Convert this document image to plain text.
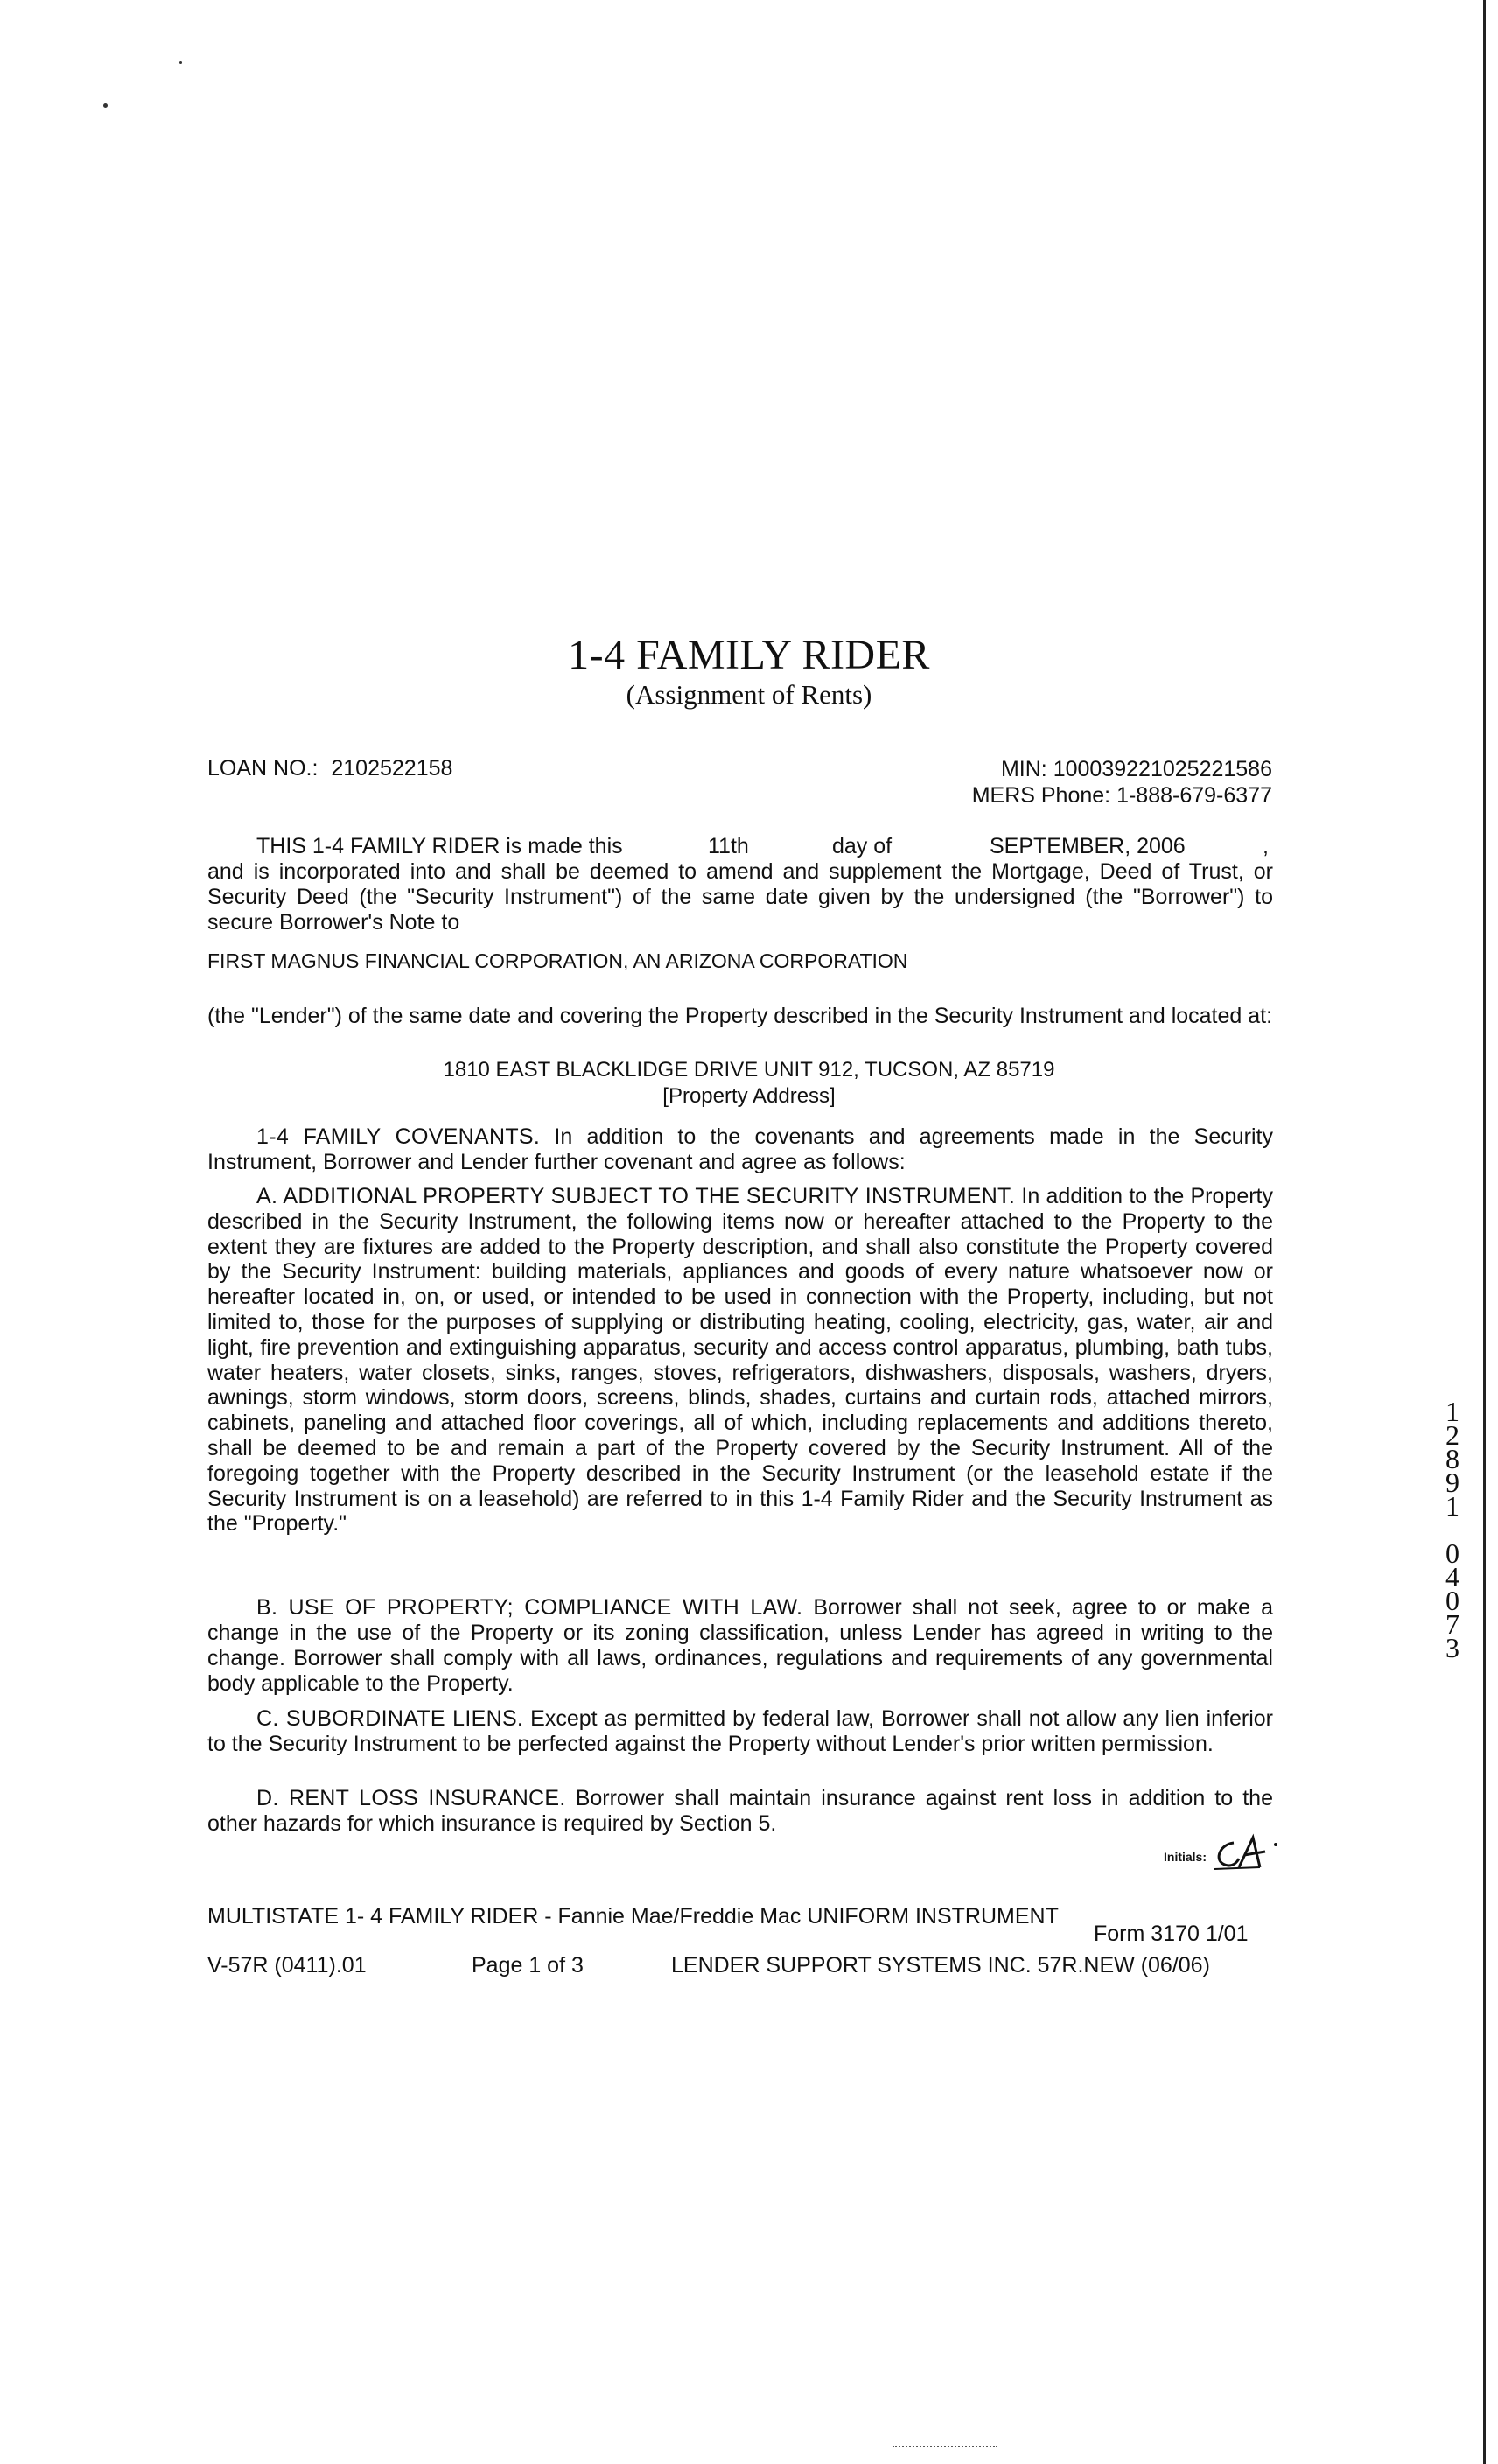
1-4 FAMILY RIDER
(Assignment of Rents)
LOAN NO.: 2102522158	MIN: 100039221025221586
MERS Phone: 1-888-679-6377
THIS 1-4 FAMILY RIDER is made this	11th	day of	SEPTEMBER, 2006	,
and is incorporated into and shall be deemed to amend and supplement the Mortgage, Deed of Trust, or Security Deed (the "Security Instrument") of the same date given by the undersigned (the "Borrower") to secure Borrower's Note to
FIRST MAGNUS FINANCIAL CORPORATION, AN ARIZONA CORPORATION
(the "Lender") of the same date and covering the Property described in the Security Instrument and located at:
1810 EAST BLACKLIDGE DRIVE UNIT 912, TUCSON, AZ 85719
[Property Address]
1-4 FAMILY COVENANTS. In addition to the covenants and agreements made in the Security Instrument, Borrower and Lender further covenant and agree as follows:
A. ADDITIONAL PROPERTY SUBJECT TO THE SECURITY INSTRUMENT. In addition to the Property described in the Security Instrument, the following items now or hereafter attached to the Property to the extent they are fixtures are added to the Property description, and shall also constitute the Property covered by the Security Instrument: building materials, appliances and goods of every nature whatsoever now or hereafter located in, on, or used, or intended to be used in connection with the Property, including, but not limited to, those for the purposes of supplying or distributing heating, cooling, electricity, gas, water, air and light, fire prevention and extinguishing apparatus, security and access control apparatus, plumbing, bath tubs, water heaters, water closets, sinks, ranges, stoves, refrigerators, dishwashers, disposals, washers, dryers, awnings, storm windows, storm doors, screens, blinds, shades, curtains and curtain rods, attached mirrors, cabinets, paneling and attached floor coverings, all of which, including replacements and additions thereto, shall be deemed to be and remain a part of the Property covered by the Security Instrument. All of the foregoing together with the Property described in the Security Instrument (or the leasehold estate if the Security Instrument is on a leasehold) are referred to in this 1-4 Family Rider and the Security Instrument as the "Property."
B. USE OF PROPERTY; COMPLIANCE WITH LAW. Borrower shall not seek, agree to or make a change in the use of the Property or its zoning classification, unless Lender has agreed in writing to the change. Borrower shall comply with all laws, ordinances, regulations and requirements of any governmental body applicable to the Property.
C. SUBORDINATE LIENS. Except as permitted by federal law, Borrower shall not allow any lien inferior to the Security Instrument to be perfected against the Property without Lender's prior written permission.
D. RENT LOSS INSURANCE. Borrower shall maintain insurance against rent loss in addition to the other hazards for which insurance is required by Section 5.
Initials:
MULTISTATE 1- 4 FAMILY RIDER - Fannie Mae/Freddie Mac UNIFORM INSTRUMENT
Form 3170 1/01
V-57R (0411).01	Page 1 of 3	LENDER SUPPORT SYSTEMS INC. 57R.NEW (06/06)
1
2
8
9
1
0
4
0
7
3
